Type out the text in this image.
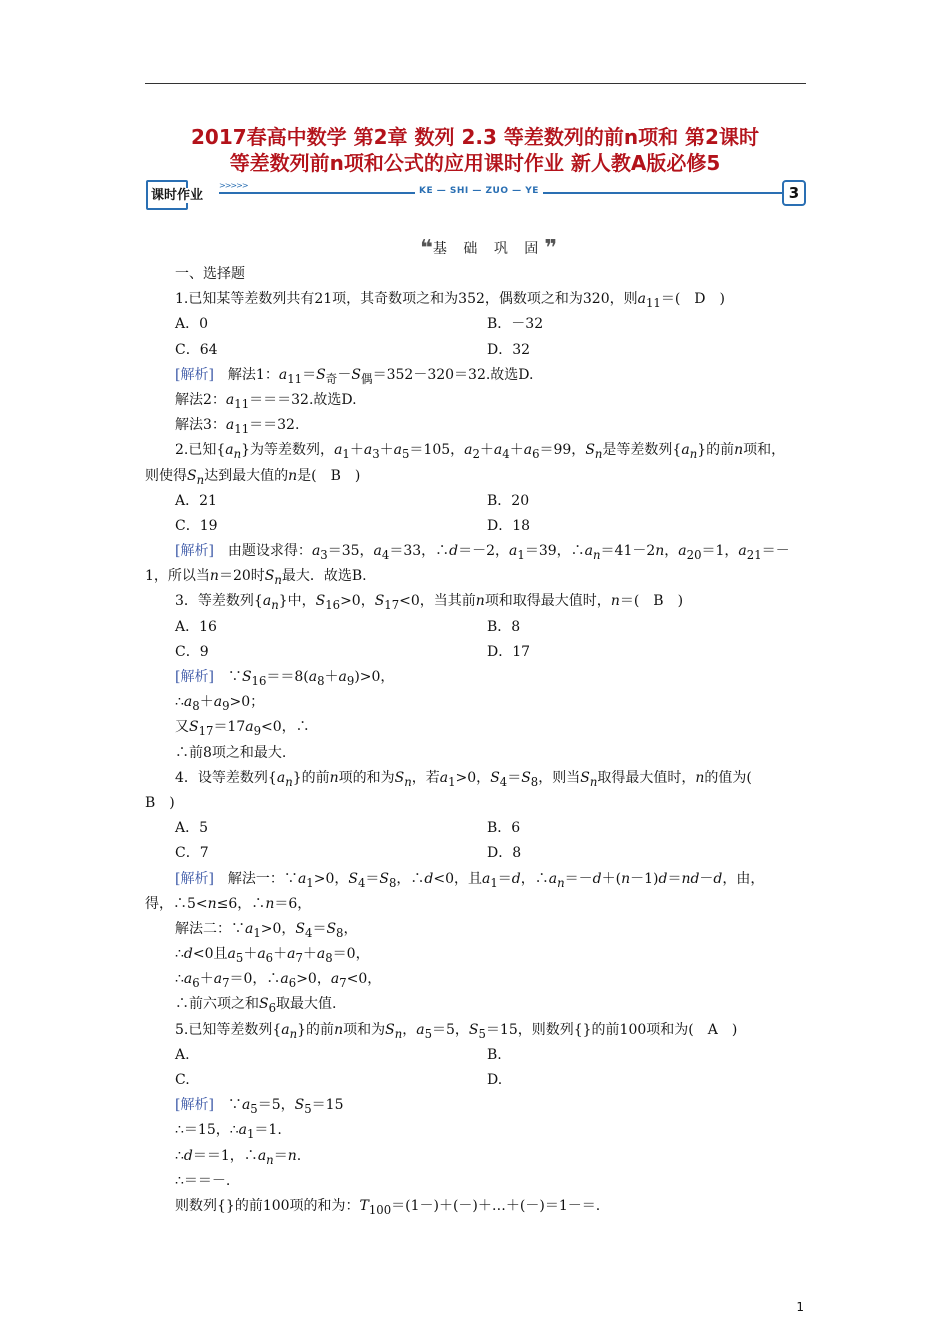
2017春高中数学 第2章 数列 2.3 等差数列的前n项和 第2课时
等差数列前n项和公式的应用课时作业 新人教A版必修5
课时作业
>>>>>
KE — SHI — ZUO — YE	3
❝基 础 巩 固❞
一、选择题
1.已知某等差数列共有21项，其奇数项之和为352，偶数项之和为320，则$a_{11}=$(　D　)
A．0	B．－32
C．64	D．32
[解析]　解法1：$a_{11}=S_奇-S_偶=352-320=32$.故选D.
解法2：$a_{11}===32$.故选D.
解法3：$a_{11}==32$.
2.已知$\{a_n\}$为等差数列，$a_1+a_3+a_5=105$，$a_2+a_4+a_6=99$，$S_n$是等差数列$\{a_n\}$的前n项和，
则使得$S_n$达到最大值的n是(　B　)
A．21	B．20
C．19	D．18
[解析]　由题设求得：$a_3=35$，$a_4=33$，∴d＝－2，$a_1=39$，$\therefore a_n=41-2n$，$a_{20}=1$，$a_{21}=-$
1，所以当n＝20时$S_n$最大．故选B.
3．等差数列$\{a_n\}$中，$S_{16}>0$，$S_{17}<0$，当其前n项和取得最大值时，n＝(　B　)
A．16	B．8
C．9	D．17
[解析]　$\because S_{16}==8(a_8+a_9)>0$，
$\therefore a_8+a_9>0$；
又$S_{17}=17a_9<0$，∴
∴前8项之和最大.
4．设等差数列$\{a_n\}$的前n项的和为$S_n$，若$a_1>0$，$S_4=S_8$，则当$S_n$取得最大值时，n的值为(
B　)
A．5	B．6
C．7	D．8
[解析]　解法一：$\because a_1>0$，$S_4=S_8$，∴d<0，且$a_1=d$，$\therefore a_n=-d+(n-1)d=nd-d$，由，
得，∴5<n≤6，∴n＝6，
解法二：$\because a_1>0$，$S_4=S_8$，
∴d<0且$a_5+a_6+a_7+a_8=0$，
$\therefore a_6+a_7=0$，$\therefore a_6>0$，$a_7<0$，
∴前六项之和$S_6$取最大值.
5.已知等差数列$\{a_n\}$的前n项和为$S_n$，$a_5=5$，$S_5=15$，则数列{}的前100项和为(　A　)
A.	B.
C.	D.
[解析]　$\because a_5=5$，$S_5=15$
∴＝15，$\therefore a_1=1$.
∴d＝＝1，$\therefore a_n=n$.
∴＝＝－.
则数列{}的前100项的和为：$T_{100}=(1-)+(-)+\dots+(-)=1-=$.
1
